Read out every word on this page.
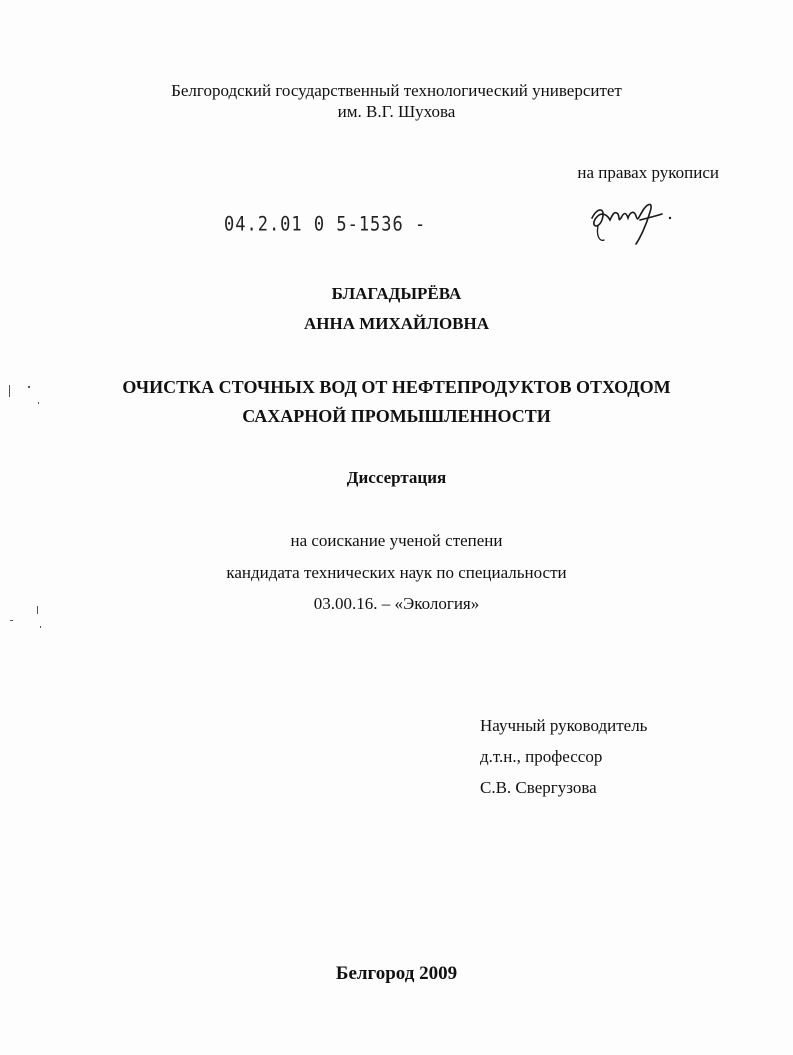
Белгородский государственный технологический университет
им. В.Г. Шухова
на правах рукописи
04.2.01 0 5-1536 -
БЛАГАДЫРЁВА
АННА МИХАЙЛОВНА
ОЧИСТКА СТОЧНЫХ ВОД ОТ НЕФТЕПРОДУКТОВ ОТХОДОМ
САХАРНОЙ ПРОМЫШЛЕННОСТИ
Диссертация
на соискание ученой степени
кандидата технических наук по специальности
03.00.16. – «Экология»
Научный руководитель
д.т.н., профессор
С.В. Свергузова
Белгород 2009
